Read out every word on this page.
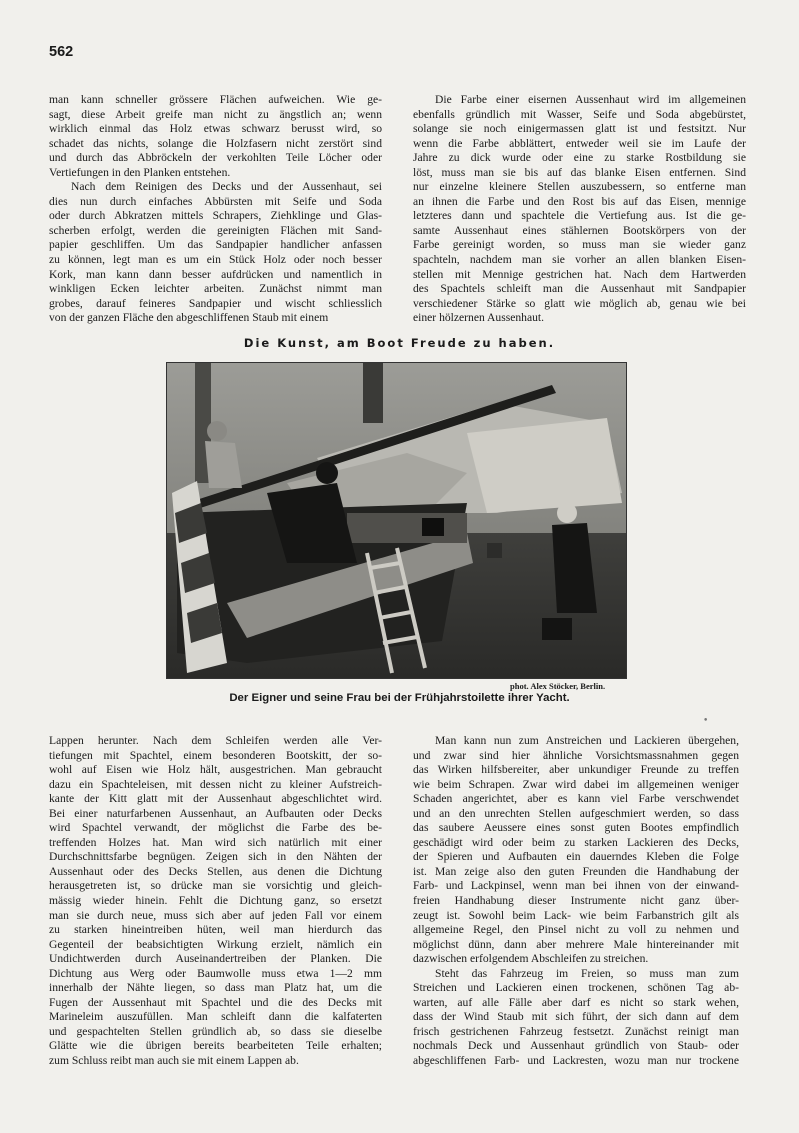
562
man kann schneller grössere Flächen aufweichen. Wie ge-
sagt, diese Arbeit greife man nicht zu ängstlich an; wenn
wirklich einmal das Holz etwas schwarz berusst wird, so
schadet das nichts, solange die Holzfasern nicht zerstört sind
und durch das Abbröckeln der verkohlten Teile Löcher oder
Vertiefungen in den Planken entstehen.
Nach dem Reinigen des Decks und der Aussenhaut, sei
dies nun durch einfaches Abbürsten mit Seife und Soda
oder durch Abkratzen mittels Schrapers, Ziehklinge und Glas-
scherben erfolgt, werden die gereinigten Flächen mit Sand-
papier geschliffen. Um das Sandpapier handlicher anfassen
zu können, legt man es um ein Stück Holz oder noch besser
Kork, man kann dann besser aufdrücken und namentlich in
winkligen Ecken leichter arbeiten. Zunächst nimmt man
grobes, darauf feineres Sandpapier und wischt schliesslich
von der ganzen Fläche den abgeschliffenen Staub mit einem
Die Farbe einer eisernen Aussenhaut wird im allgemeinen
ebenfalls gründlich mit Wasser, Seife und Soda abgebürstet,
solange sie noch einigermassen glatt ist und festsitzt. Nur
wenn die Farbe abblättert, entweder weil sie im Laufe der
Jahre zu dick wurde oder eine zu starke Rostbildung sie
löst, muss man sie bis auf das blanke Eisen entfernen. Sind
nur einzelne kleinere Stellen auszubessern, so entferne man
an ihnen die Farbe und den Rost bis auf das Eisen, mennige
letzteres dann und spachtele die Vertiefung aus. Ist die ge-
samte Aussenhaut eines stählernen Bootskörpers von der
Farbe gereinigt worden, so muss man sie wieder ganz
spachteln, nachdem man sie vorher an allen blanken Eisen-
stellen mit Mennige gestrichen hat. Nach dem Hartwerden
des Spachtels schleift man die Aussenhaut mit Sandpapier
verschiedener Stärke so glatt wie möglich ab, genau wie bei
einer hölzernen Aussenhaut.
Die Kunst, am Boot Freude zu haben.
phot. Alex Stöcker, Berlin.
Der Eigner und seine Frau bei der Frühjahrstoilette ihrer Yacht.
•
Lappen herunter. Nach dem Schleifen werden alle Ver-
tiefungen mit Spachtel, einem besonderen Bootskitt, der so-
wohl auf Eisen wie Holz hält, ausgestrichen. Man gebraucht
dazu ein Spachteleisen, mit dessen nicht zu kleiner Aufstreich-
kante der Kitt glatt mit der Aussenhaut abgeschlichtet wird.
Bei einer naturfarbenen Aussenhaut, an Aufbauten oder Decks
wird Spachtel verwandt, der möglichst die Farbe des be-
treffenden Holzes hat. Man wird sich natürlich mit einer
Durchschnittsfarbe begnügen. Zeigen sich in den Nähten der
Aussenhaut oder des Decks Stellen, aus denen die Dichtung
herausgetreten ist, so drücke man sie vorsichtig und gleich-
mässig wieder hinein. Fehlt die Dichtung ganz, so ersetzt
man sie durch neue, muss sich aber auf jeden Fall vor einem
zu starken hineintreiben hüten, weil man hierdurch das
Gegenteil der beabsichtigten Wirkung erzielt, nämlich ein
Undichtwerden durch Auseinandertreiben der Planken. Die
Dichtung aus Werg oder Baumwolle muss etwa 1—2 mm
innerhalb der Nähte liegen, so dass man Platz hat, um die
Fugen der Aussenhaut mit Spachtel und die des Decks mit
Marineleim auszufüllen. Man schleift dann die kalfaterten
und gespachtelten Stellen gründlich ab, so dass sie dieselbe
Glätte wie die übrigen bereits bearbeiteten Teile erhalten;
zum Schluss reibt man auch sie mit einem Lappen ab.
Man kann nun zum Anstreichen und Lackieren übergehen,
und zwar sind hier ähnliche Vorsichtsmassnahmen gegen
das Wirken hilfsbereiter, aber unkundiger Freunde zu treffen
wie beim Schrapen. Zwar wird dabei im allgemeinen weniger
Schaden angerichtet, aber es kann viel Farbe verschwendet
und an den unrechten Stellen aufgeschmiert werden, so dass
das saubere Aeussere eines sonst guten Bootes empfindlich
geschädigt wird oder beim zu starken Lackieren des Decks,
der Spieren und Aufbauten ein dauerndes Kleben die Folge
ist. Man zeige also den guten Freunden die Handhabung der
Farb- und Lackpinsel, wenn man bei ihnen von der einwand-
freien Handhabung dieser Instrumente nicht ganz über-
zeugt ist. Sowohl beim Lack- wie beim Farbanstrich gilt als
allgemeine Regel, den Pinsel nicht zu voll zu nehmen und
möglichst dünn, dann aber mehrere Male hintereinander mit
dazwischen erfolgendem Abschleifen zu streichen.
Steht das Fahrzeug im Freien, so muss man zum
Streichen und Lackieren einen trockenen, schönen Tag ab-
warten, auf alle Fälle aber darf es nicht so stark wehen,
dass der Wind Staub mit sich führt, der sich dann auf dem
frisch gestrichenen Fahrzeug festsetzt. Zunächst reinigt man
nochmals Deck und Aussenhaut gründlich von Staub- oder
abgeschliffenen Farb- und Lackresten, wozu man nur trockene
